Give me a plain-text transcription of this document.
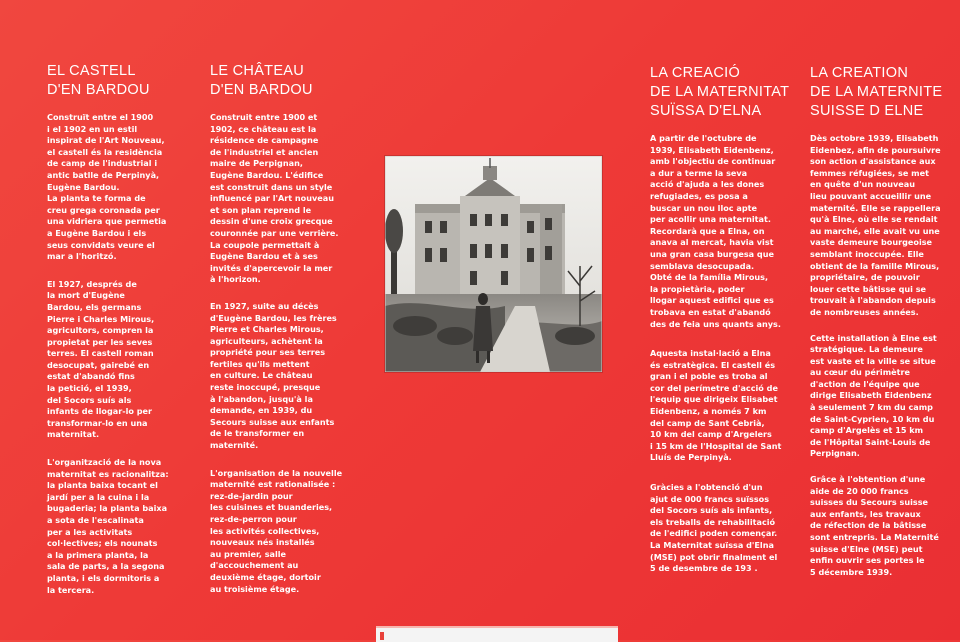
EL CASTELL
D'EN BARDOU
Construït entre el 1900
i el 1902 en un estil
inspirat de l'Art Nouveau,
el castell és la residència
de camp de l'industrial i
antic batlle de Perpinyà,
Eugène Bardou.
La planta te forma de
creu grega coronada per
una vidriera que permetia
a Eugène Bardou i els
seus convidats veure el
mar a l'horitzó.
El 1927, després de
la mort d'Eugène
Bardou, els germans
Pierre i Charles Mirous,
agricultors, compren la
propietat per les seves
terres. El castell roman
desocupat, gairebé en
estat d'abandó fins
la petició, el 1939,
del Socors suís als
infants de llogar-lo per
transformar-lo en una
maternitat.
L'organització de la nova
maternitat es racionalitza:
la planta baixa tocant el
jardí per a la cuina i la
bugaderia; la planta baixa
a sota de l'escalinata
per a les activitats
col·lectives; els nounats
a la primera planta, la
sala de parts, a la segona
planta, i els dormitoris a
la tercera.
LE CHÂTEAU
D'EN BARDOU
Construit entre 1900 et
1902, ce château est la
résidence de campagne
de l'industriel et ancien
maire de Perpignan,
Eugène Bardou. L'édifice
est construit dans un style
influencé par l'Art nouveau
et son plan reprend le
dessin d'une croix grecque
couronnée par une verrière.
La coupole permettait à
Eugène Bardou et à ses
invités d'apercevoir la mer
à l'horizon.
En 1927, suite au décès
d'Eugène Bardou, les frères
Pierre et Charles Mirous,
agriculteurs, achètent la
propriété pour ses terres
fertiles qu'ils mettent
en culture. Le château
reste inoccupé, presque
à l'abandon, jusqu'à la
demande, en 1939, du
Secours suisse aux enfants
de le transformer en
maternité.
L'organisation de la nouvelle
maternité est rationalisée :
rez-de-jardin pour
les cuisines et buanderies,
rez-de-perron pour
les activités collectives,
nouveaux nés installés
au premier, salle
d'accouchement au
deuxième étage, dortoir
au troisième étage.
LA CREACIÓ
DE LA MATERNITAT
SUÏSSA D'ELNA
A partir de l'octubre de
1939, Elisabeth Eidenbenz,
amb l'objectiu de continuar
a dur a terme la seva
acció d'ajuda a les dones
refugiades, es posa a
buscar un nou lloc apte
per acollir una maternitat.
Recordarà que a Elna, on
anava al mercat, havia vist
una gran casa burgesa que
semblava desocupada.
Obté de la família Mirous,
la propietària, poder
llogar aquest edifici que es
trobava en estat d'abandó
des de feia uns quants anys.
Aquesta instal·lació a Elna
és estratègica. El castell és
gran i el poble es troba al
cor del perímetre d'acció de
l'equip que dirigeix Elisabet
Eidenbenz, a només 7 km
del camp de Sant Cebrià,
10 km del camp d'Argelers
i 15 km de l'Hospital de Sant
Lluís de Perpinyà.
Gràcies a l'obtenció d'un
ajut de 000 francs suïssos
del Socors suís als infants,
els treballs de rehabilitació
de l'edifici poden començar.
La Maternitat suïssa d'Elna
(MSE) pot obrir finalment el
5 de desembre de 193 .
LA CREATION
DE LA MATERNITE
SUISSE D ELNE
Dès octobre 1939, Elisabeth
Eidenbez, afin de poursuivre
son action d'assistance aux
femmes réfugiées, se met
en quête d'un nouveau
lieu pouvant accueillir une
maternité. Elle se rappellera
qu'à Elne, où elle se rendait
au marché, elle avait vu une
vaste demeure bourgeoise
semblant inoccupée. Elle
obtient de la famille Mirous,
propriétaire, de pouvoir
louer cette bâtisse qui se
trouvait à l'abandon depuis
de nombreuses années.
Cette installation à Elne est
stratégique. La demeure
est vaste et la ville se situe
au cœur du périmètre
d'action de l'équipe que
dirige Elisabeth Eidenbenz
à seulement 7 km du camp
de Saint-Cyprien, 10 km du
camp d'Argelès et 15 km
de l'Hôpital Saint-Louis de
Perpignan.
Grâce à l'obtention d'une
aide de 20 000 francs
suisses du Secours suisse
aux enfants, les travaux
de réfection de la bâtisse
sont entrepris. La Maternité
suisse d'Elne (MSE) peut
enfin ouvrir ses portes le
5 décembre 1939.
